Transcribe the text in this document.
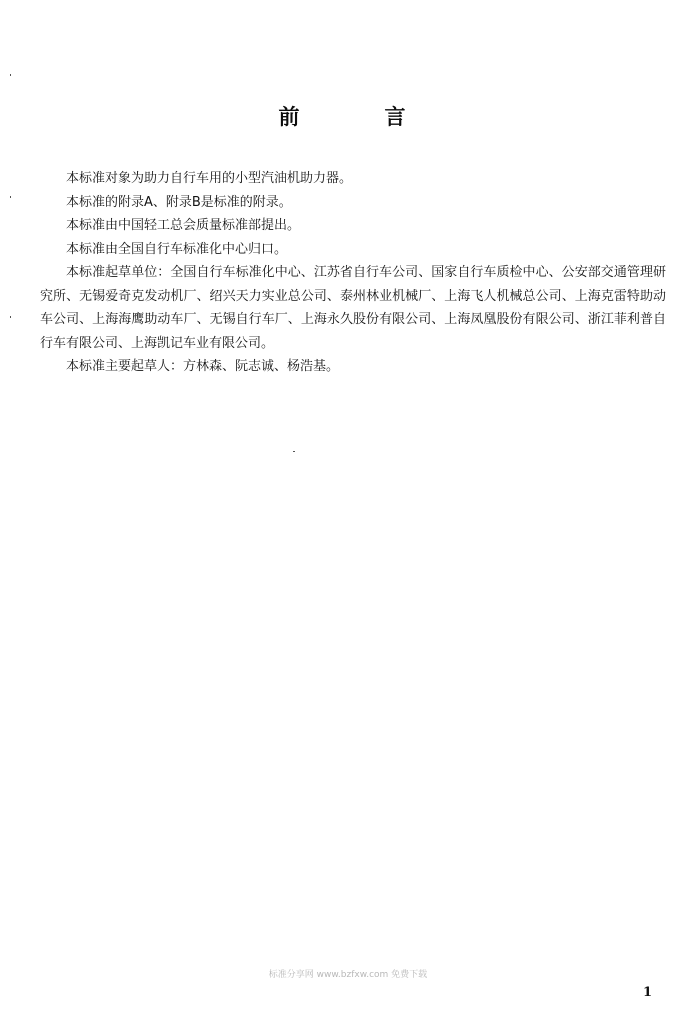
前　言

本标准对象为助力自行车用的小型汽油机助力器。

本标准的附录A、附录B是标准的附录。

本标准由中国轻工总会质量标准部提出。

本标准由全国自行车标准化中心归口。

本标准起草单位：全国自行车标准化中心、江苏省自行车公司、国家自行车质检中心、公安部交通管理研究所、无锡爱奇克发动机厂、绍兴天力实业总公司、泰州林业机械厂、上海飞人机械总公司、上海克雷特助动车公司、上海海鹰助动车厂、无锡自行车厂、上海永久股份有限公司、上海凤凰股份有限公司、浙江菲利普自行车有限公司、上海凯记车业有限公司。

本标准主要起草人：方林森、阮志诚、杨浩基。

标准分享网 www.bzfxw.com 免费下载
1
